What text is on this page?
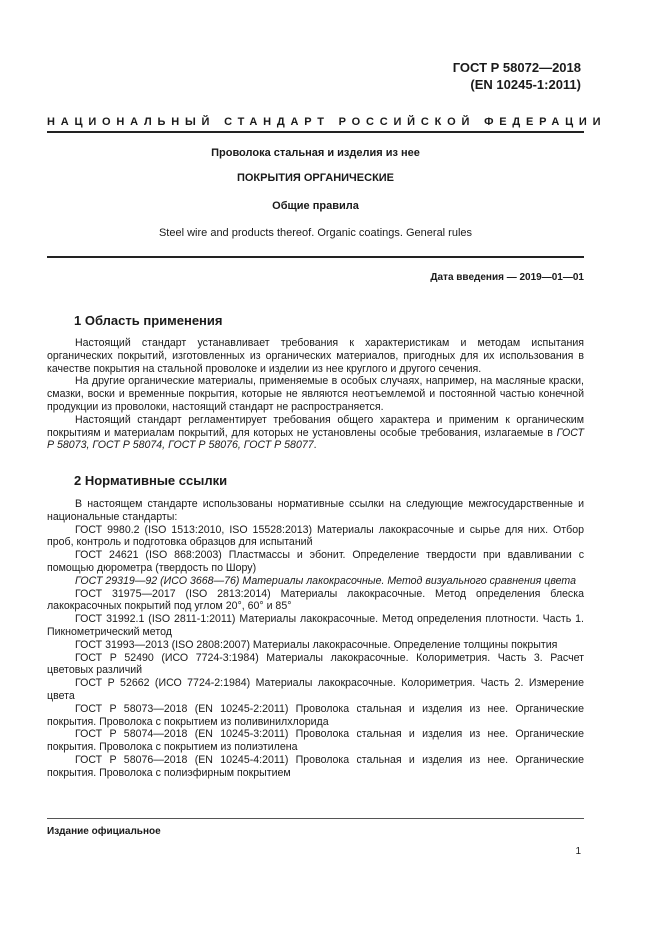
ГОСТ Р 58072—2018
(EN 10245-1:2011)
НАЦИОНАЛЬНЫЙ СТАНДАРТ РОССИЙСКОЙ ФЕДЕРАЦИИ
Проволока стальная и изделия из нее
ПОКРЫТИЯ ОРГАНИЧЕСКИЕ
Общие правила
Steel wire and products thereof. Organic coatings. General rules
Дата введения — 2019—01—01
1 Область применения

Настоящий стандарт устанавливает требования к характеристикам и методам испытания органических покрытий, изготовленных из органических материалов, пригодных для их использования в качестве покрытия на стальной проволоке и изделии из нее круглого и другого сечения.

На другие органические материалы, применяемые в особых случаях, например, на масляные краски, смазки, воски и временные покрытия, которые не являются неотъемлемой и постоянной частью конечной продукции из проволоки, настоящий стандарт не распространяется.

Настоящий стандарт регламентирует требования общего характера и применим к органическим покрытиям и материалам покрытий, для которых не установлены особые требования, излагаемые в ГОСТ Р 58073, ГОСТ Р 58074, ГОСТ Р 58076, ГОСТ Р 58077.

2 Нормативные ссылки

В настоящем стандарте использованы нормативные ссылки на следующие межгосударственные и национальные стандарты:

ГОСТ 9980.2 (ISO 1513:2010, ISO 15528:2013) Материалы лакокрасочные и сырье для них. Отбор проб, контроль и подготовка образцов для испытаний

ГОСТ 24621 (ISO 868:2003) Пластмассы и эбонит. Определение твердости при вдавливании с помощью дюрометра (твердость по Шору)

ГОСТ 29319—92 (ИСО 3668—76) Материалы лакокрасочные. Метод визуального сравнения цвета

ГОСТ 31975—2017 (ISO 2813:2014) Материалы лакокрасочные. Метод определения блеска лакокрасочных покрытий под углом 20°, 60° и 85°

ГОСТ 31992.1 (ISO 2811-1:2011) Материалы лакокрасочные. Метод определения плотности. Часть 1. Пикнометрический метод

ГОСТ 31993—2013 (ISO 2808:2007) Материалы лакокрасочные. Определение толщины покрытия

ГОСТ Р 52490 (ИСО 7724-3:1984) Материалы лакокрасочные. Колориметрия. Часть 3. Расчет цветовых различий

ГОСТ Р 52662 (ИСО 7724-2:1984) Материалы лакокрасочные. Колориметрия. Часть 2. Измерение цвета

ГОСТ Р 58073—2018 (EN 10245-2:2011) Проволока стальная и изделия из нее. Органические покрытия. Проволока с покрытием из поливинилхлорида

ГОСТ Р 58074—2018 (EN 10245-3:2011) Проволока стальная и изделия из нее. Органические покрытия. Проволока с покрытием из полиэтилена

ГОСТ Р 58076—2018 (EN 10245-4:2011) Проволока стальная и изделия из нее. Органические покрытия. Проволока с полиэфирным покрытием

Издание официальное
1
